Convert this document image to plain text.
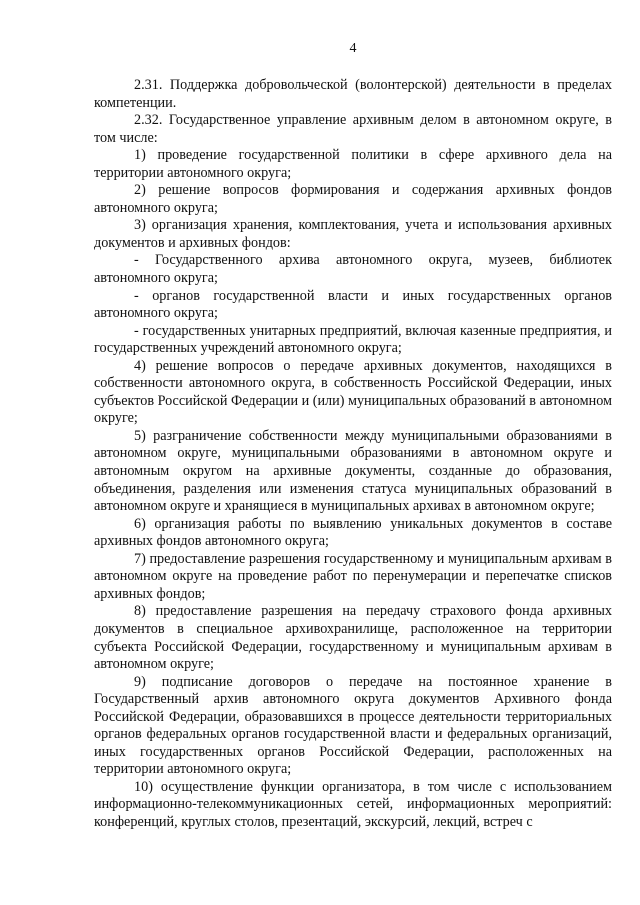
4

2.31. Поддержка добровольческой (волонтерской) деятельности в пределах компетенции.

2.32. Государственное управление архивным делом в автономном округе, в том числе:

1) проведение государственной политики в сфере архивного дела на территории автономного округа;

2) решение вопросов формирования и содержания архивных фондов автономного округа;

3) организация хранения, комплектования, учета и использования архивных документов и архивных фондов:

- Государственного архива автономного округа, музеев, библиотек автономного округа;

- органов государственной власти и иных государственных органов автономного округа;

- государственных унитарных предприятий, включая казенные предприятия, и государственных учреждений автономного округа;

4) решение вопросов о передаче архивных документов, находящихся в собственности автономного округа, в собственность Российской Федерации, иных субъектов Российской Федерации и (или) муниципальных образований в автономном округе;

5) разграничение собственности между муниципальными образованиями в автономном округе, муниципальными образованиями в автономном округе и автономным округом на архивные документы, созданные до образования, объединения, разделения или изменения статуса муниципальных образований в автономном округе и хранящиеся в муниципальных архивах в автономном округе;

6) организация работы по выявлению уникальных документов в составе архивных фондов автономного округа;

7) предоставление разрешения государственному и муниципальным архивам в автономном округе на проведение работ по перенумерации и перепечатке списков архивных фондов;

8) предоставление разрешения на передачу страхового фонда архивных документов в специальное архивохранилище, расположенное на территории субъекта Российской Федерации, государственному и муниципальным архивам в автономном округе;

9) подписание договоров о передаче на постоянное хранение в Государственный архив автономного округа документов Архивного фонда Российской Федерации, образовавшихся в процессе деятельности территориальных органов федеральных органов государственной власти и федеральных организаций, иных государственных органов Российской Федерации, расположенных на территории автономного округа;

10) осуществление функции организатора, в том числе с использованием информационно-телекоммуникационных сетей, информационных мероприятий: конференций, круглых столов, презентаций, экскурсий, лекций, встреч с
